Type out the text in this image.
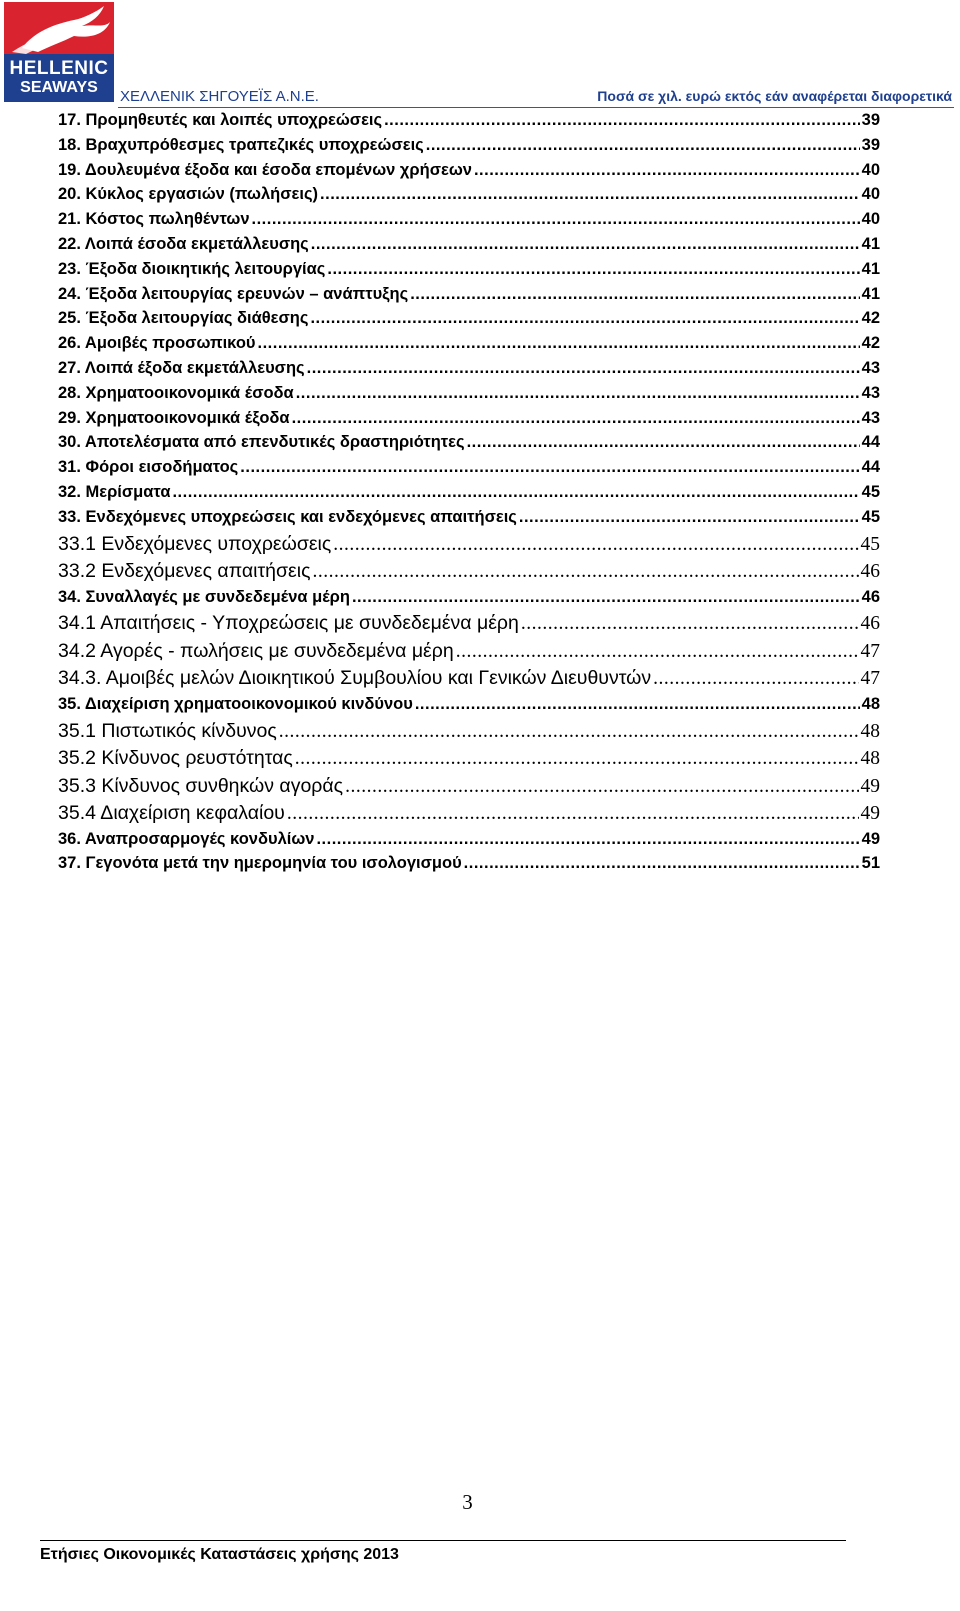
HELLENIC
SEAWAYS
ΧΕΛΛΕΝΙΚ ΣΗΓΟΥΕΪΣ Α.Ν.Ε.	Ποσά σε χιλ. ευρώ εκτός εάν αναφέρεται διαφορετικά
17. Προμηθευτές και λοιπές υποχρεώσεις .....	39
18. Βραχυπρόθεσμες τραπεζικές υποχρεώσεις .....	39
19. Δουλευμένα έξοδα και έσοδα επομένων χρήσεων .....	40
20. Κύκλος εργασιών (πωλήσεις) .....	40
21. Κόστος πωληθέντων .....	40
22. Λοιπά έσοδα εκμετάλλευσης .....	41
23. Έξοδα διοικητικής λειτουργίας .....	41
24. Έξοδα λειτουργίας ερευνών – ανάπτυξης .....	41
25. Έξοδα λειτουργίας διάθεσης .....	42
26. Αμοιβές προσωπικού .....	42
27. Λοιπά έξοδα εκμετάλλευσης .....	43
28. Χρηματοοικονομικά έσοδα .....	43
29. Χρηματοοικονομικά έξοδα .....	43
30. Αποτελέσματα από επενδυτικές δραστηριότητες .....	44
31. Φόροι εισοδήματος .....	44
32. Μερίσματα .....	45
33. Ενδεχόμενες υποχρεώσεις και ενδεχόμενες απαιτήσεις .....	45
33.1 Ενδεχόμενες υποχρεώσεις .....	45
33.2 Ενδεχόμενες απαιτήσεις .....	46
34. Συναλλαγές με συνδεδεμένα μέρη .....	46
34.1 Απαιτήσεις - Υποχρεώσεις με συνδεδεμένα μέρη .....	46
34.2 Αγορές - πωλήσεις με συνδεδεμένα μέρη .....	47
34.3. Αμοιβές μελών Διοικητικού Συμβουλίου και Γενικών Διευθυντών .....	47
35. Διαχείριση χρηματοοικονομικού κινδύνου .....	48
35.1 Πιστωτικός κίνδυνος .....	48
35.2 Κίνδυνος ρευστότητας .....	48
35.3 Κίνδυνος συνθηκών αγοράς .....	49
35.4 Διαχείριση κεφαλαίου .....	49
36. Αναπροσαρμογές κονδυλίων .....	49
37. Γεγονότα μετά την ημερομηνία του ισολογισμού .....	51
3
Ετήσιες Οικονομικές Καταστάσεις χρήσης 2013
